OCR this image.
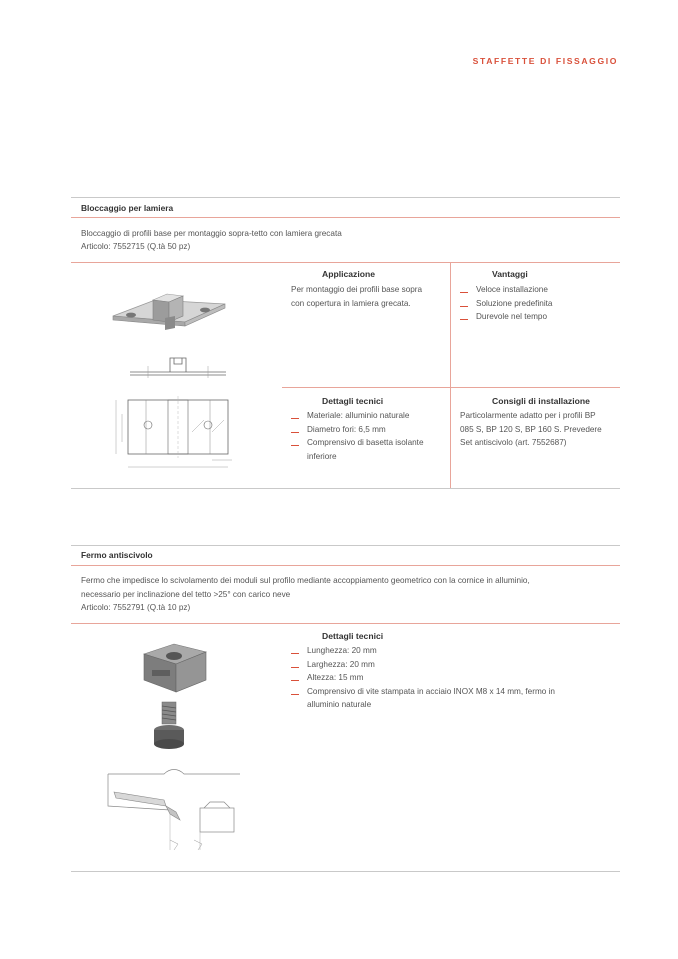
STAFFETTE DI FISSAGGIO
Bloccaggio per lamiera
Bloccaggio di profili base per montaggio sopra-tetto con lamiera grecata
Articolo: 7552715 (Q.tà 50 pz)
Applicazione
Per montaggio dei profili base sopra
con copertura in lamiera grecata.
Vantaggi
Veloce installazione
Soluzione predefinita
Durevole nel tempo
Dettagli tecnici
Materiale: alluminio naturale
Diametro fori: 6,5 mm
Comprensivo di basetta isolante
inferiore
Consigli di installazione
Particolarmente adatto per i profili BP
085 S, BP 120 S, BP 160 S. Prevedere
Set antiscivolo (art. 7552687)
Fermo antiscivolo
Fermo che impedisce lo scivolamento dei moduli sul profilo mediante accoppiamento geometrico con la cornice in alluminio,
necessario per inclinazione del tetto >25° con carico neve
Articolo: 7552791 (Q.tà 10 pz)
Dettagli tecnici
Lunghezza: 20 mm
Larghezza: 20 mm
Altezza: 15 mm
Comprensivo di vite stampata in acciaio INOX M8 x 14 mm, fermo in
alluminio naturale
